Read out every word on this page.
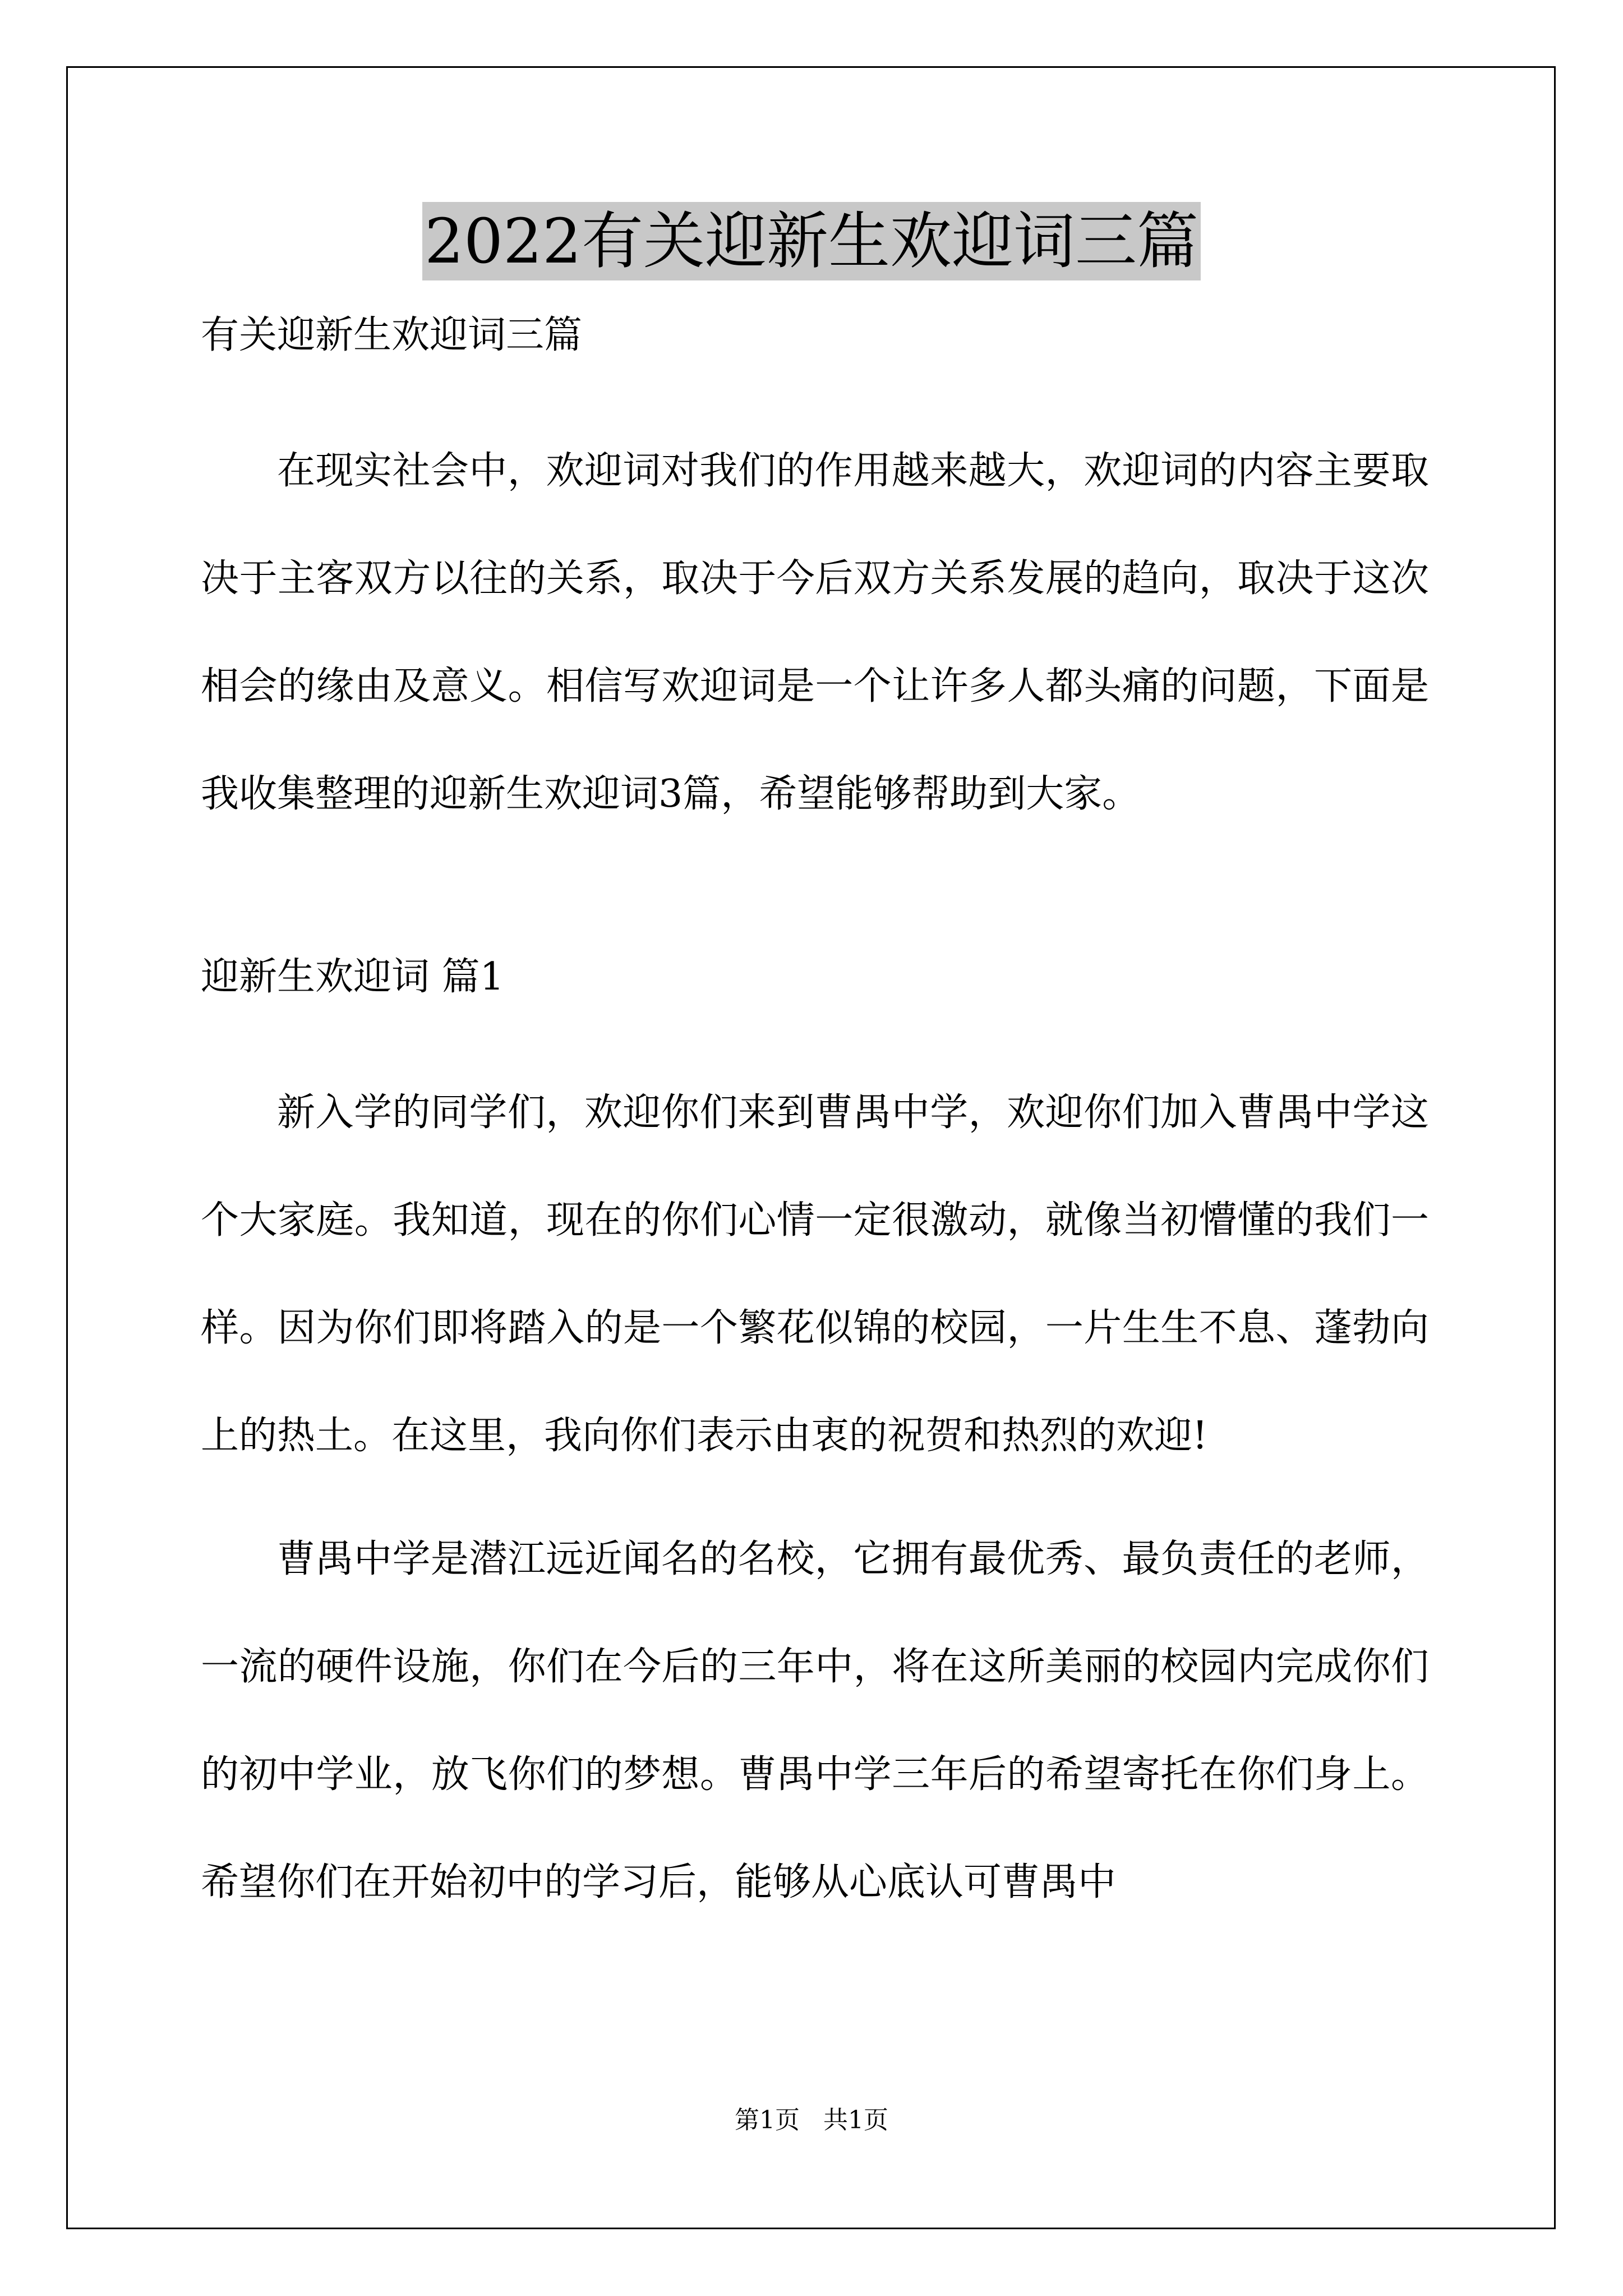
2022有关迎新生欢迎词三篇

有关迎新生欢迎词三篇

在现实社会中，欢迎词对我们的作用越来越大，欢迎词的内容主要取决于主客双方以往的关系，取决于今后双方关系发展的趋向，取决于这次相会的缘由及意义。相信写欢迎词是一个让许多人都头痛的问题，下面是我收集整理的迎新生欢迎词3篇，希望能够帮助到大家。

迎新生欢迎词 篇1

新入学的同学们，欢迎你们来到曹禺中学，欢迎你们加入曹禺中学这个大家庭。我知道，现在的你们心情一定很激动，就像当初懵懂的我们一样。因为你们即将踏入的是一个繁花似锦的校园，一片生生不息、蓬勃向上的热土。在这里，我向你们表示由衷的祝贺和热烈的欢迎!

曹禺中学是潜江远近闻名的名校，它拥有最优秀、最负责任的老师，一流的硬件设施，你们在今后的三年中，将在这所美丽的校园内完成你们的初中学业，放飞你们的梦想。曹禺中学三年后的希望寄托在你们身上。希望你们在开始初中的学习后，能够从心底认可曹禺中

第1页   共1页
